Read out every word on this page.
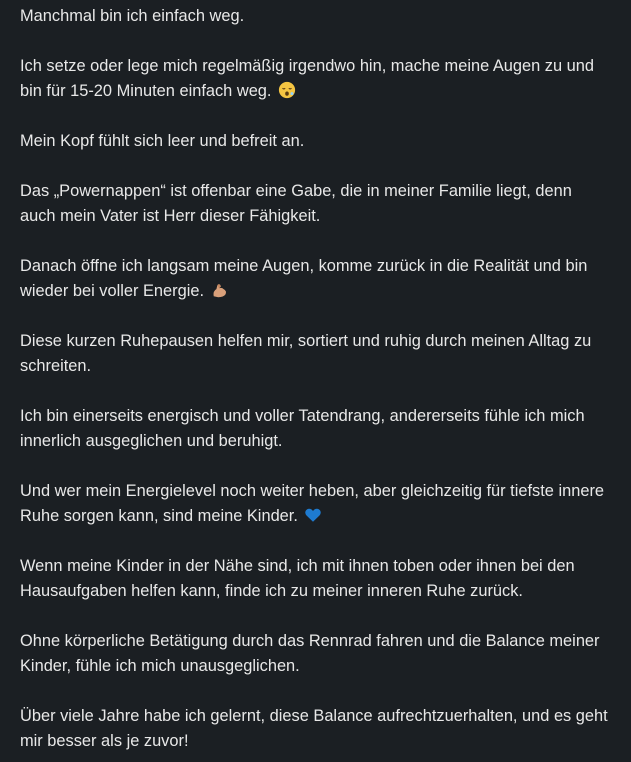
Manchmal bin ich einfach weg.

Ich setze oder lege mich regelmäßig irgendwo hin, mache meine Augen zu und bin für 15-20 Minuten einfach weg.

Mein Kopf fühlt sich leer und befreit an.

Das „Powernappen“ ist offenbar eine Gabe, die in meiner Familie liegt, denn auch mein Vater ist Herr dieser Fähigkeit.

Danach öffne ich langsam meine Augen, komme zurück in die Realität und bin wieder bei voller Energie.

Diese kurzen Ruhepausen helfen mir, sortiert und ruhig durch meinen Alltag zu schreiten.

Ich bin einerseits energisch und voller Tatendrang, andererseits fühle ich mich innerlich ausgeglichen und beruhigt.

Und wer mein Energielevel noch weiter heben, aber gleichzeitig für tiefste innere Ruhe sorgen kann, sind meine Kinder.

Wenn meine Kinder in der Nähe sind, ich mit ihnen toben oder ihnen bei den Hausaufgaben helfen kann, finde ich zu meiner inneren Ruhe zurück.

Ohne körperliche Betätigung durch das Rennrad fahren und die Balance meiner Kinder, fühle ich mich unausgeglichen.

Über viele Jahre habe ich gelernt, diese Balance aufrechtzuerhalten, und es geht mir besser als je zuvor!
